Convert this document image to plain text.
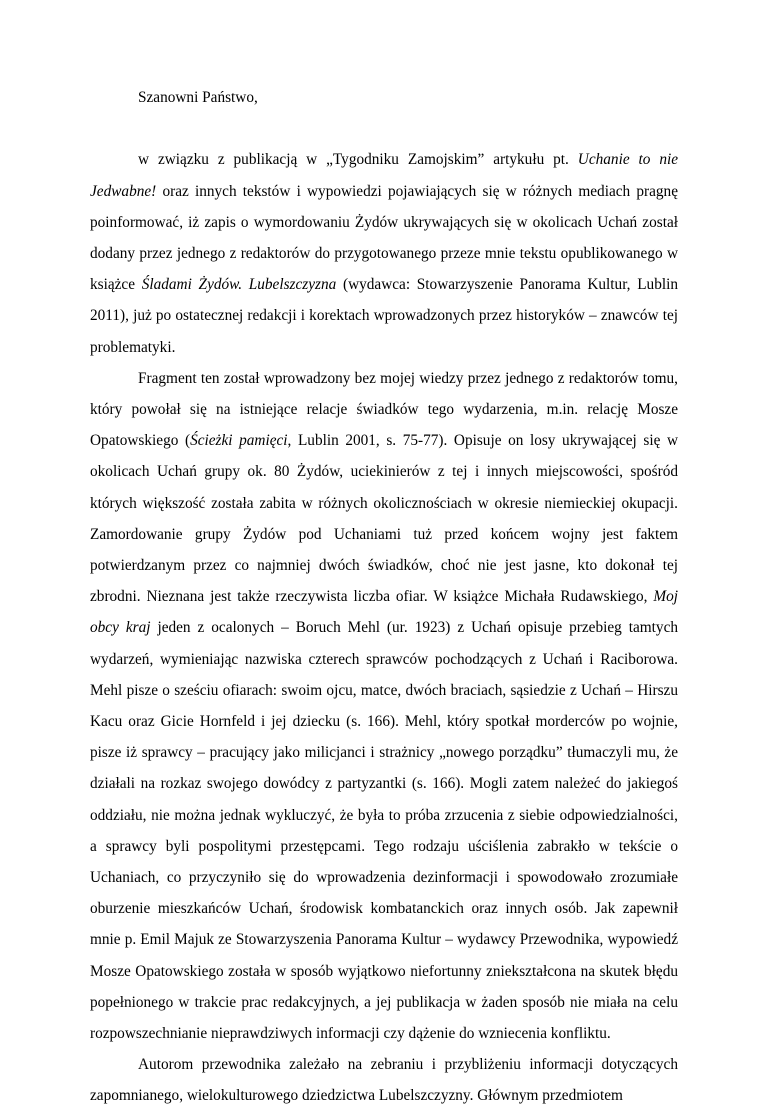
Szanowni Państwo,

w związku z publikacją w „Tygodniku Zamojskim” artykułu pt. Uchanie to nie Jedwabne! oraz innych tekstów i wypowiedzi pojawiających się w różnych mediach pragnę poinformować, iż zapis o wymordowaniu Żydów ukrywających się w okolicach Uchań został dodany przez jednego z redaktorów do przygotowanego przeze mnie tekstu opublikowanego w książce Śladami Żydów. Lubelszczyzna (wydawca: Stowarzyszenie Panorama Kultur, Lublin 2011), już po ostatecznej redakcji i korektach wprowadzonych przez historyków – znawców tej problematyki.

Fragment ten został wprowadzony bez mojej wiedzy przez jednego z redaktorów tomu, który powołał się na istniejące relacje świadków tego wydarzenia, m.in. relację Mosze Opatowskiego (Ścieżki pamięci, Lublin 2001, s. 75-77). Opisuje on losy ukrywającej się w okolicach Uchań grupy ok. 80 Żydów, uciekinierów z tej i innych miejscowości, spośród których większość została zabita w różnych okolicznościach w okresie niemieckiej okupacji. Zamordowanie grupy Żydów pod Uchaniami tuż przed końcem wojny jest faktem potwierdzanym przez co najmniej dwóch świadków, choć nie jest jasne, kto dokonał tej zbrodni. Nieznana jest także rzeczywista liczba ofiar. W książce Michała Rudawskiego, Moj obcy kraj jeden z ocalonych – Boruch Mehl (ur. 1923) z Uchań opisuje przebieg tamtych wydarzeń, wymieniając nazwiska czterech sprawców pochodzących z Uchań i Raciborowa. Mehl pisze o sześciu ofiarach: swoim ojcu, matce, dwóch braciach, sąsiedzie z Uchań – Hirszu Kacu oraz Gicie Hornfeld i jej dziecku (s. 166). Mehl, który spotkał morderców po wojnie, pisze iż sprawcy – pracujący jako milicjanci i strażnicy „nowego porządku” tłumaczyli mu, że działali na rozkaz swojego dowódcy z partyzantki (s. 166). Mogli zatem należeć do jakiegoś oddziału, nie można jednak wykluczyć, że była to próba zrzucenia z siebie odpowiedzialności, a sprawcy byli pospolitymi przestępcami. Tego rodzaju uściślenia zabrakło w tekście o Uchaniach, co przyczyniło się do wprowadzenia dezinformacji i spowodowało zrozumiałe oburzenie mieszkańców Uchań, środowisk kombatanckich oraz innych osób. Jak zapewnił mnie p. Emil Majuk ze Stowarzyszenia Panorama Kultur – wydawcy Przewodnika, wypowiedź Mosze Opatowskiego została w sposób wyjątkowo niefortunny zniekształcona na skutek błędu popełnionego w trakcie prac redakcyjnych, a jej publikacja w żaden sposób nie miała na celu rozpowszechnianie nieprawdziwych informacji czy dążenie do wzniecenia konfliktu.

Autorom przewodnika zależało na zebraniu i przybliżeniu informacji dotyczących zapomnianego, wielokulturowego dziedzictwa Lubelszczyzny. Głównym przedmiotem
